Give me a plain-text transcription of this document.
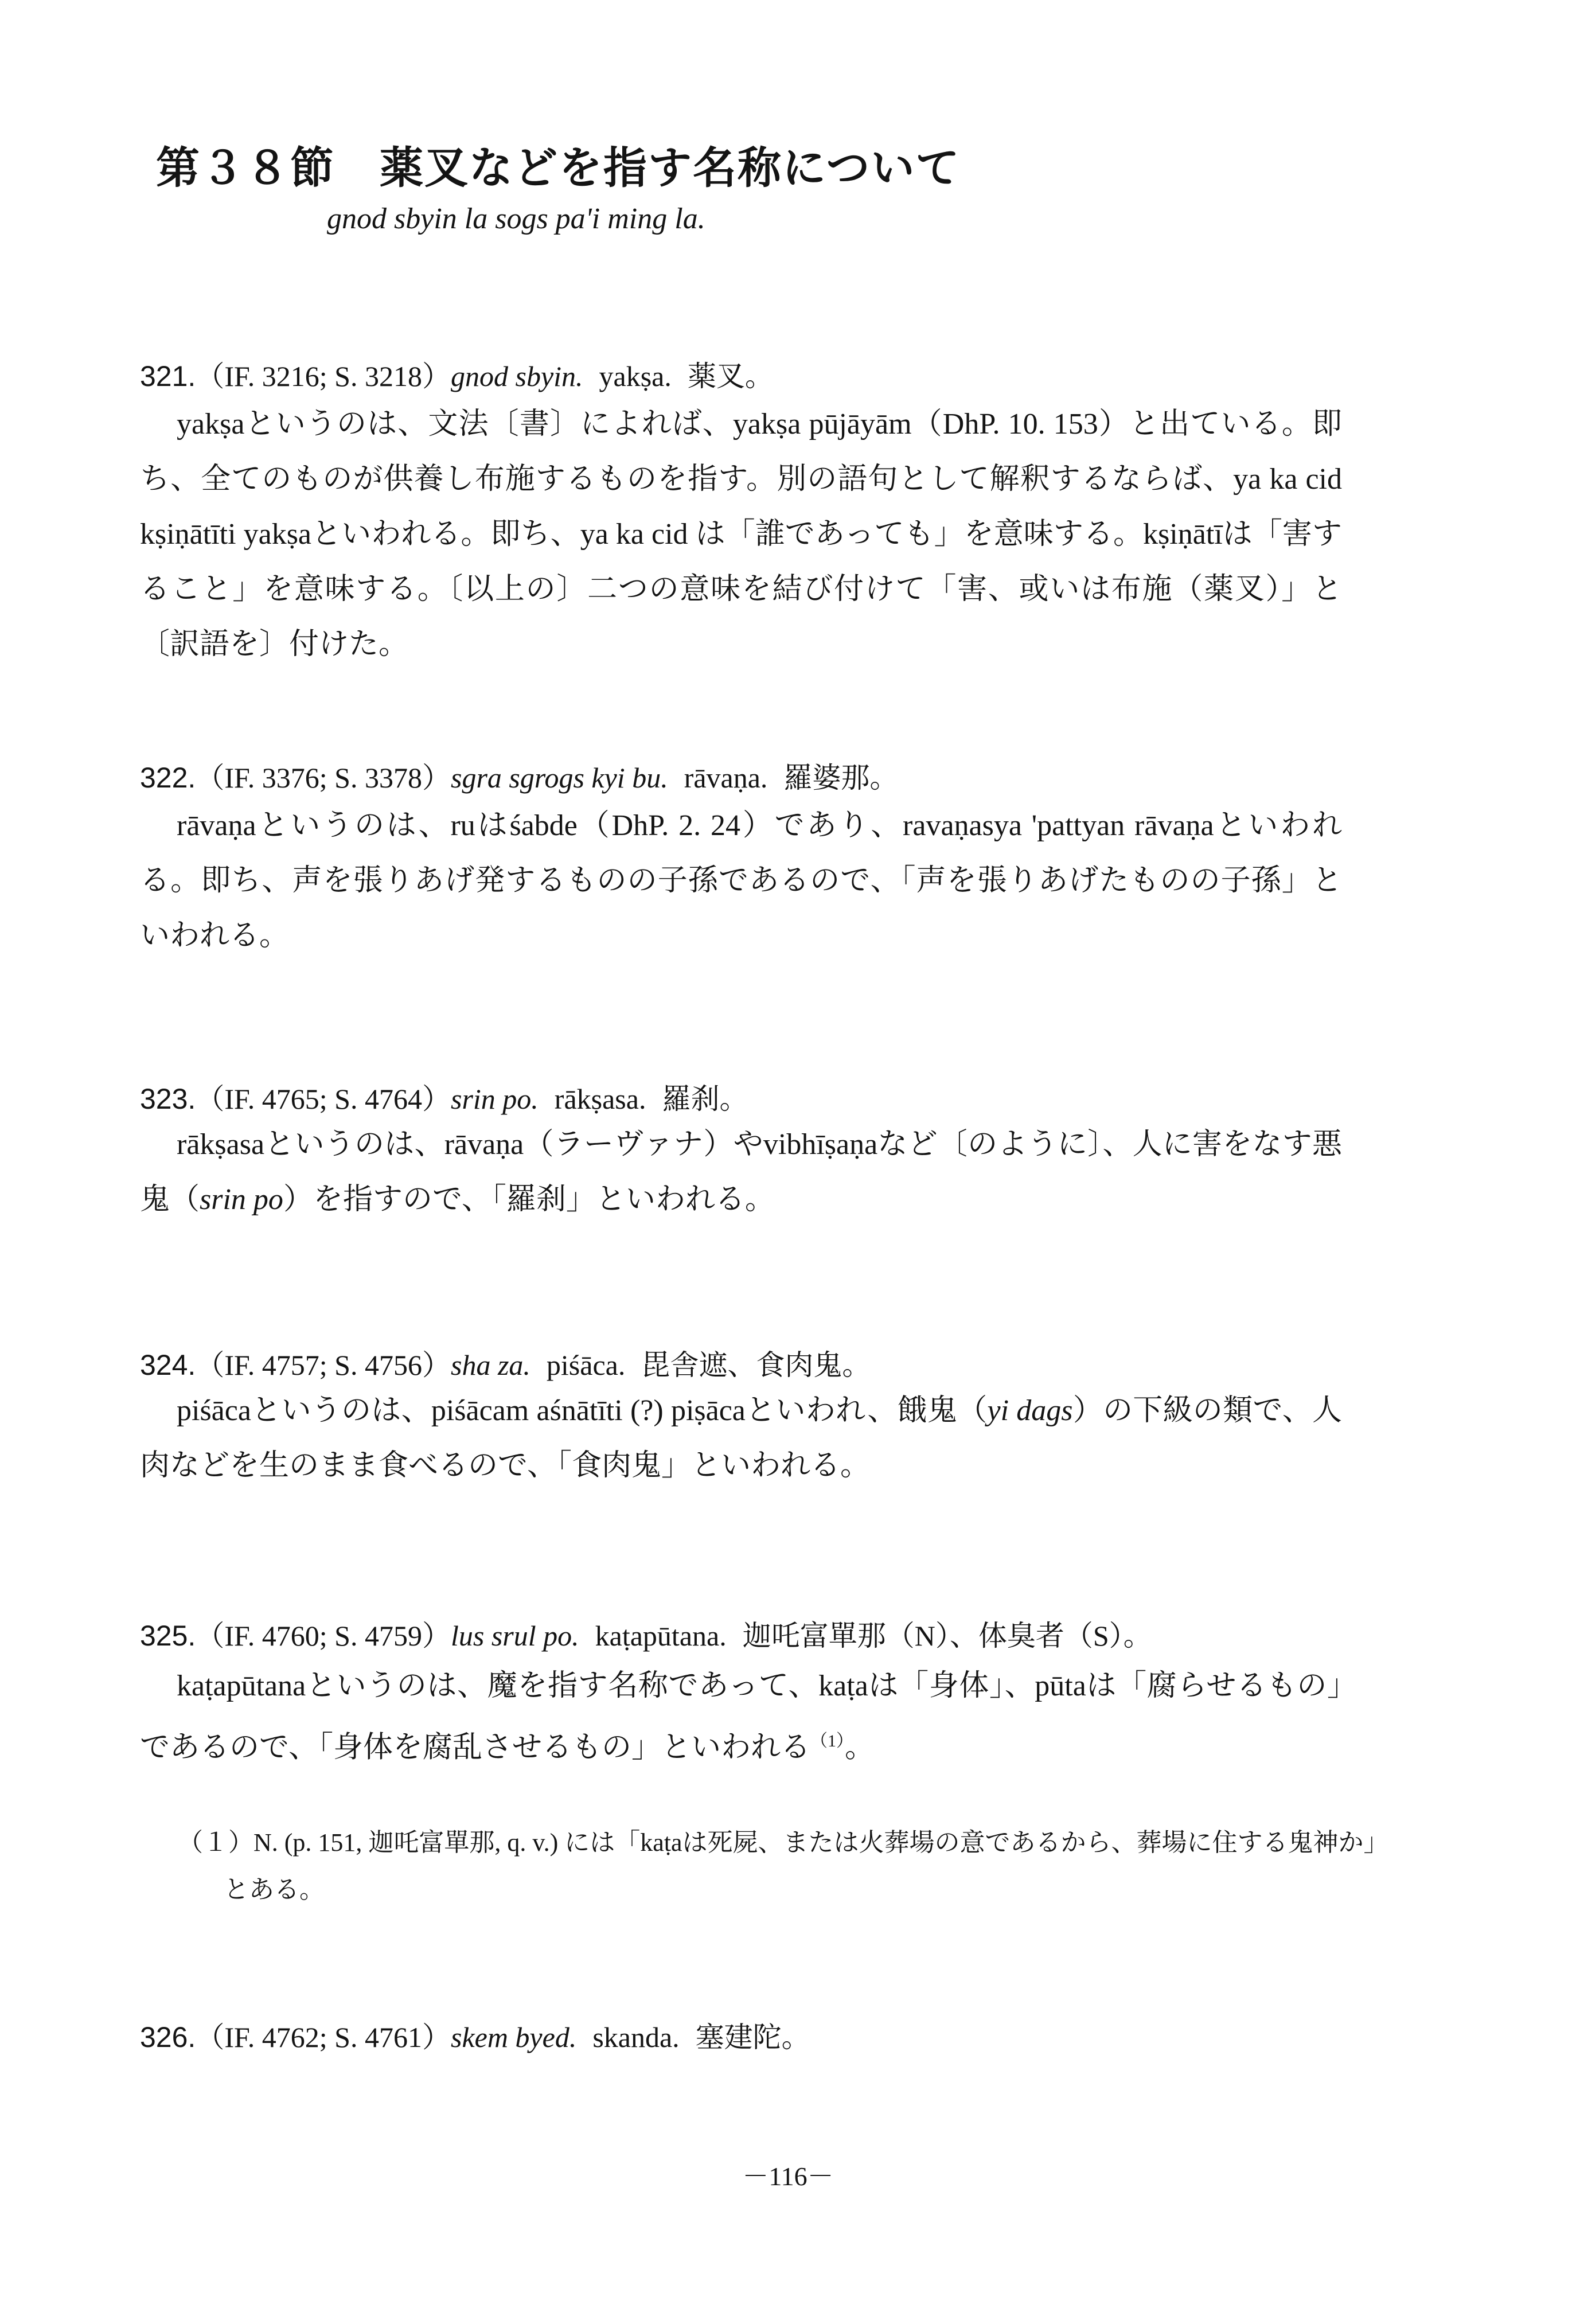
第３８節　薬叉などを指す名称について
gnod sbyin la sogs pa'i ming la.
321.（IF. 3216; S. 3218）gnod sbyin. yakṣa. 薬叉。

yakṣaというのは、文法〔書〕によれば、yakṣa pūjāyām（DhP. 10. 153）と出ている。即ち、全てのものが供養し布施するものを指す。別の語句として解釈するならば、ya ka cid kṣiṇātīti yakṣaといわれる。即ち、ya ka cid は「誰であっても」を意味する。kṣiṇātīは「害すること」を意味する。〔以上の〕二つの意味を結び付けて「害、或いは布施（薬叉）」と〔訳語を〕付けた。

322.（IF. 3376; S. 3378）sgra sgrogs kyi bu. rāvaṇa. 羅婆那。

rāvaṇaというのは、ruはśabde（DhP. 2. 24）であり、ravaṇasya 'pattyan rāvaṇaといわれる。即ち、声を張りあげ発するものの子孫であるので、「声を張りあげたものの子孫」といわれる。

323.（IF. 4765; S. 4764）srin po. rākṣasa. 羅刹。

rākṣasaというのは、rāvaṇa（ラーヴァナ）やvibhīṣaṇaなど〔のように〕、人に害をなす悪鬼（srin po）を指すので、「羅刹」といわれる。

324.（IF. 4757; S. 4756）sha za. piśāca. 毘舎遮、食肉鬼。

piśācaというのは、piśācam aśnātīti (?) piṣācaといわれ、餓鬼（yi dags）の下級の類で、人肉などを生のまま食べるので、「食肉鬼」といわれる。

325.（IF. 4760; S. 4759）lus srul po. kaṭapūtana. 迦吒富單那（N）、体臭者（S）。

kaṭapūtanaというのは、魔を指す名称であって、kaṭaは「身体」、pūtaは「腐らせるもの」であるので、「身体を腐乱させるもの」といわれる$^{(1)}$。

（１）N. (p. 151, 迦吒富單那, q. v.) には「kaṭaは死屍、または火葬場の意であるから、葬場に住する鬼神か」とある。

326.（IF. 4762; S. 4761）skem byed. skanda. 塞建陀。
－116－
